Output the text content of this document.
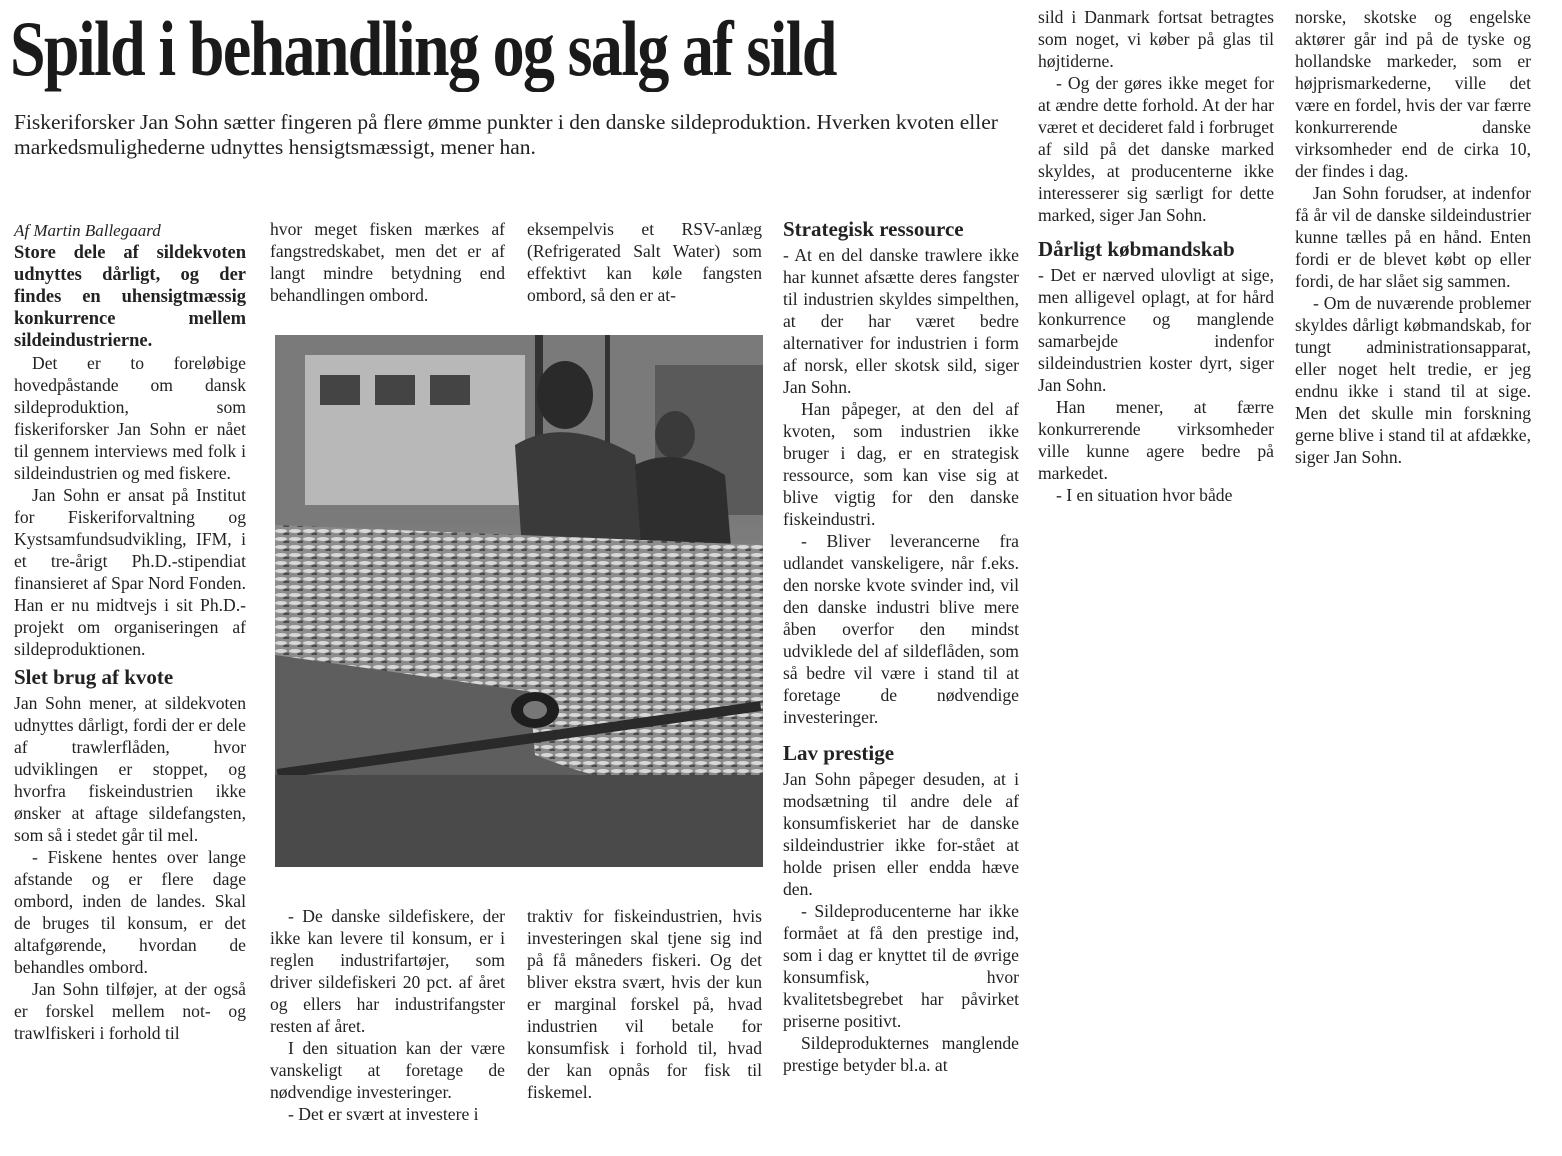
Spild i behandling og salg af sild
Fiskeriforsker Jan Sohn sætter fingeren på flere ømme punkter i den danske sildeproduktion. Hverken kvoten eller markedsmulighederne udnyttes hensigtsmæssigt, mener han.

Af Martin Ballegaard

Store dele af sildekvoten udnyttes dårligt, og der findes en uhensigtmæssig konkurrence mellem sildeindustrierne.

Det er to foreløbige hovedpåstande om dansk sildeproduktion, som fiskeriforsker Jan Sohn er nået til gennem interviews med folk i sildeindustrien og med fiskere.

Jan Sohn er ansat på Institut for Fiskeriforvaltning og Kystsamfundsudvikling, IFM, i et tre-årigt Ph.D.-stipendiat finansieret af Spar Nord Fonden. Han er nu midtvejs i sit Ph.D.-projekt om organiseringen af sildeproduktionen.

Slet brug af kvote

Jan Sohn mener, at sildekvoten udnyttes dårligt, fordi der er dele af trawlerflåden, hvor udviklingen er stoppet, og hvorfra fiskeindustrien ikke ønsker at aftage sildefangsten, som så i stedet går til mel.

- Fiskene hentes over lange afstande og er flere dage ombord, inden de landes. Skal de bruges til konsum, er det altafgørende, hvordan de behandles ombord.

Jan Sohn tilføjer, at der også er forskel mellem not- og trawlfiskeri i forhold til

hvor meget fisken mærkes af fangstredskabet, men det er af langt mindre betydning end behandlingen ombord.

eksempelvis et RSV-anlæg (Refrigerated Salt Water) som effektivt kan køle fangsten ombord, så den er at-

- De danske sildefiskere, der ikke kan levere til konsum, er i reglen industrifartøjer, som driver sildefiskeri 20 pct. af året og ellers har industrifangster resten af året.

I den situation kan der være vanskeligt at foretage de nødvendige investeringer.

- Det er svært at investere i

traktiv for fiskeindustrien, hvis investeringen skal tjene sig ind på få måneders fiskeri. Og det bliver ekstra svært, hvis der kun er marginal forskel på, hvad industrien vil betale for konsumfisk i forhold til, hvad der kan opnås for fisk til fiskemel.

Strategisk ressource

- At en del danske trawlere ikke har kunnet afsætte deres fangster til industrien skyldes simpelthen, at der har været bedre alternativer for industrien i form af norsk, eller skotsk sild, siger Jan Sohn.

Han påpeger, at den del af kvoten, som industrien ikke bruger i dag, er en strategisk ressource, som kan vise sig at blive vigtig for den danske fiskeindustri.

- Bliver leverancerne fra udlandet vanskeligere, når f.eks. den norske kvote svinder ind, vil den danske industri blive mere åben overfor den mindst udviklede del af sildeflåden, som så bedre vil være i stand til at foretage de nødvendige investeringer.

Lav prestige

Jan Sohn påpeger desuden, at i modsætning til andre dele af konsumfiskeriet har de danske sildeindustrier ikke for-stået at holde prisen eller endda hæve den.

- Sildeproducenterne har ikke formået at få den prestige ind, som i dag er knyttet til de øvrige konsumfisk, hvor kvalitetsbegrebet har påvirket priserne positivt.

Sildeprodukternes manglende prestige betyder bl.a. at

sild i Danmark fortsat betragtes som noget, vi køber på glas til højtiderne.

- Og der gøres ikke meget for at ændre dette forhold. At der har været et decideret fald i forbruget af sild på det danske marked skyldes, at producenterne ikke interesserer sig særligt for dette marked, siger Jan Sohn.

Dårligt købmandskab

- Det er nærved ulovligt at sige, men alligevel oplagt, at for hård konkurrence og manglende samarbejde indenfor sildeindustrien koster dyrt, siger Jan Sohn.

Han mener, at færre konkurrerende virksomheder ville kunne agere bedre på markedet.

- I en situation hvor både

norske, skotske og engelske aktører går ind på de tyske og hollandske markeder, som er højprismarkederne, ville det være en fordel, hvis der var færre konkurrerende danske virksomheder end de cirka 10, der findes i dag.

Jan Sohn forudser, at indenfor få år vil de danske sildeindustrier kunne tælles på en hånd. Enten fordi er de blevet købt op eller fordi, de har slået sig sammen.

- Om de nuværende problemer skyldes dårligt købmandskab, for tungt administrationsapparat, eller noget helt tredie, er jeg endnu ikke i stand til at sige. Men det skulle min forskning gerne blive i stand til at afdække, siger Jan Sohn.
